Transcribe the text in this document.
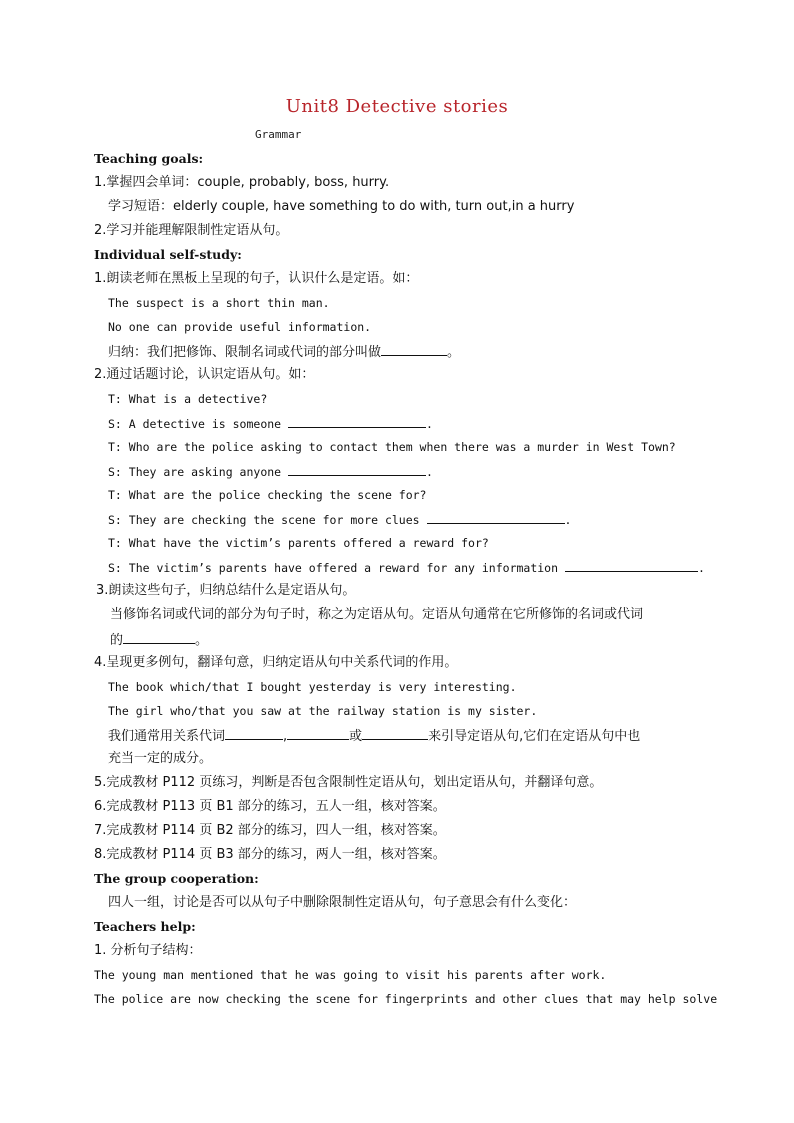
Unit8 Detective stories
Grammar
Teaching goals:
1.掌握四会单词：couple, probably, boss, hurry.
学习短语：elderly couple, have something to do with, turn out,in a hurry
2.学习并能理解限制性定语从句。
Individual self-study:
1.朗读老师在黑板上呈现的句子，认识什么是定语。如：
The suspect is a short thin man.
No one can provide useful information.
归纳：我们把修饰、限制名词或代词的部分叫做	。
2.通过话题讨论，认识定语从句。如：
T: What is a detective?
S: A detective is someone	.
T: Who are the police asking to contact them when there was a murder in West Town?
S: They are asking anyone	.
T: What are the police checking the scene for?
S: They are checking the scene for more clues	.
T: What have the victim’s parents offered a reward for?
S: The victim’s parents have offered a reward for any information	.
3.朗读这些句子，归纳总结什么是定语从句。
当修饰名词或代词的部分为句子时，称之为定语从句。定语从句通常在它所修饰的名词或代词
的	。
4.呈现更多例句，翻译句意，归纳定语从句中关系代词的作用。
The book which/that I bought yesterday is very interesting.
The girl who/that you saw at the railway station is my sister.
我们通常用关系代词	,	或	来引导定语从句,它们在定语从句中也
充当一定的成分。
5.完成教材 P112 页练习，判断是否包含限制性定语从句，划出定语从句，并翻译句意。
6.完成教材 P113 页 B1 部分的练习，五人一组，核对答案。
7.完成教材 P114 页 B2 部分的练习，四人一组，核对答案。
8.完成教材 P114 页 B3 部分的练习，两人一组，核对答案。
The group cooperation:
四人一组，讨论是否可以从句子中删除限制性定语从句，句子意思会有什么变化：
Teachers help:
1. 分析句子结构：
The young man mentioned that he was going to visit his parents after work.
The police are now checking the scene for fingerprints and other clues that may help solve
